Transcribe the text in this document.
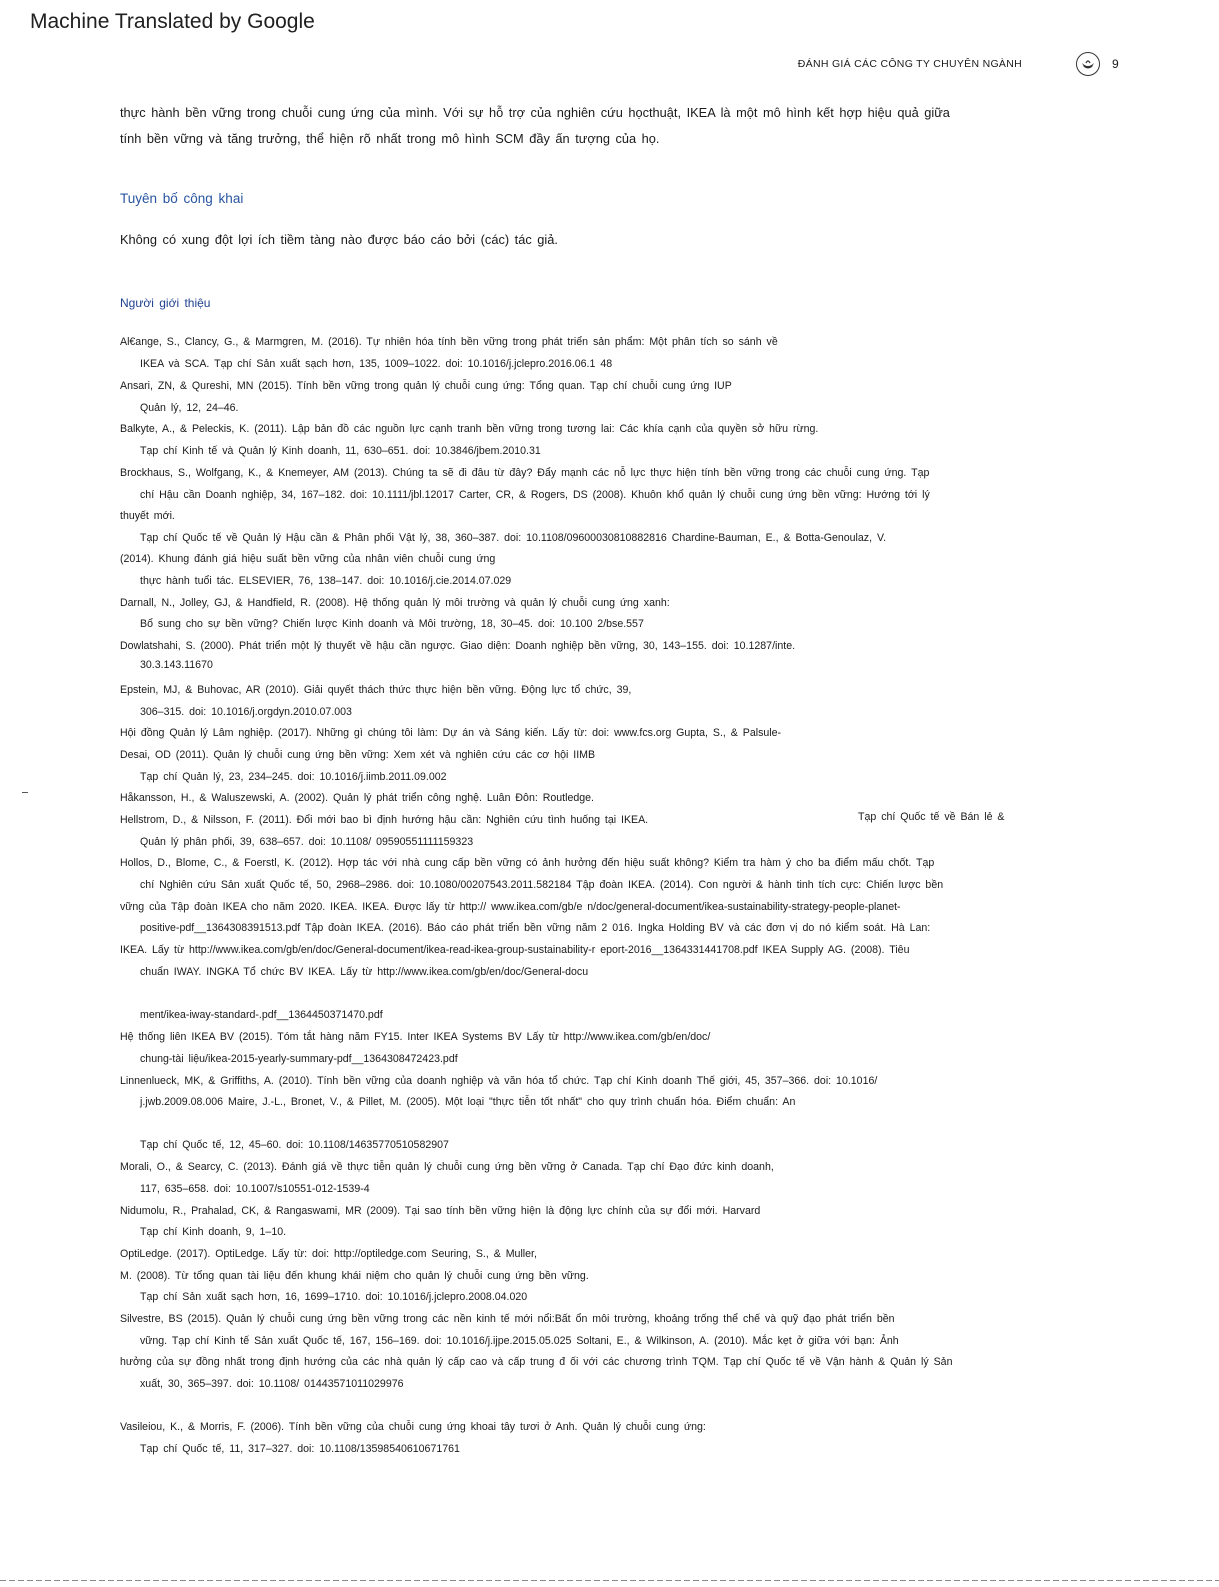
Machine Translated by Google
ĐÁNH GIÁ CÁC CÔNG TY CHUYÊN NGÀNH	9
thực hành bền vững trong chuỗi cung ứng của mình. Với sự hỗ trợ của nghiên cứu họcthuật, IKEA là một mô hình kết hợp hiệu quả giữa
tính bền vững và tăng trưởng, thể hiện rõ nhất trong mô hình SCM đầy ấn tượng của họ.
Tuyên bố công khai
Không có xung đột lợi ích tiềm tàng nào được báo cáo bởi (các) tác giả.
Người giới thiệu
Al€ange, S., Clancy, G., & Marmgren, M. (2016). Tự nhiên hóa tính bền vững trong phát triển sản phẩm: Một phân tích so sánh về
IKEA và SCA. Tạp chí Sản xuất sạch hơn, 135, 1009–1022. doi: 10.1016/j.jclepro.2016.06.1 48
Ansari, ZN, & Qureshi, MN (2015). Tính bền vững trong quản lý chuỗi cung ứng: Tổng quan. Tạp chí chuỗi cung ứng IUP
Quản lý, 12, 24–46.
Balkyte, A., & Peleckis, K. (2011). Lập bản đồ các nguồn lực cạnh tranh bền vững trong tương lai: Các khía cạnh của quyền sở hữu rừng.
Tạp chí Kinh tế và Quản lý Kinh doanh, 11, 630–651. doi: 10.3846/jbem.2010.31
Brockhaus, S., Wolfgang, K., & Knemeyer, AM (2013). Chúng ta sẽ đi đâu từ đây? Đẩy mạnh các nỗ lực thực hiện tính bền vững trong các chuỗi cung ứng. Tạp
chí Hậu cần Doanh nghiệp, 34, 167–182. doi: 10.1111/jbl.12017 Carter, CR, & Rogers, DS (2008). Khuôn khổ quản lý chuỗi cung ứng bền vững: Hướng tới lý
thuyết mới.
Tạp chí Quốc tế về Quản lý Hậu cần & Phân phối Vật lý, 38, 360–387. doi: 10.1108/09600030810882816 Chardine-Bauman, E., & Botta-Genoulaz, V.
(2014). Khung đánh giá hiệu suất bền vững của nhân viên chuỗi cung ứng
thực hành tuổi tác. ELSEVIER, 76, 138–147. doi: 10.1016/j.cie.2014.07.029
Darnall, N., Jolley, GJ, & Handfield, R. (2008). Hệ thống quản lý môi trường và quản lý chuỗi cung ứng xanh:
Bổ sung cho sự bền vững? Chiến lược Kinh doanh và Môi trường, 18, 30–45. doi: 10.100 2/bse.557
Dowlatshahi, S. (2000). Phát triển một lý thuyết về hậu cần ngược. Giao diện: Doanh nghiệp bền vững, 30, 143–155. doi: 10.1287/inte.
30.3.143.11670
Epstein, MJ, & Buhovac, AR (2010). Giải quyết thách thức thực hiện bền vững. Động lực tổ chức, 39,
306–315. doi: 10.1016/j.orgdyn.2010.07.003
Hội đồng Quản lý Lâm nghiệp. (2017). Những gì chúng tôi làm: Dự án và Sáng kiến. Lấy từ: doi: www.fcs.org Gupta, S., & Palsule-
Desai, OD (2011). Quản lý chuỗi cung ứng bền vững: Xem xét và nghiên cứu các cơ hội IIMB
Tạp chí Quản lý, 23, 234–245. doi: 10.1016/j.iimb.2011.09.002
Håkansson, H., & Waluszewski, A. (2002). Quản lý phát triển công nghệ. Luân Đôn: Routledge.
Hellstrom, D., & Nilsson, F. (2011). Đổi mới bao bì định hướng hậu cần: Nghiên cứu tình huống tại IKEA.	Tạp chí Quốc tế về Bán lẻ &
Quản lý phân phối, 39, 638–657. doi: 10.1108/ 09590551111159323
Hollos, D., Blome, C., & Foerstl, K. (2012). Hợp tác với nhà cung cấp bền vững có ảnh hưởng đến hiệu suất không? Kiểm tra hàm ý cho ba điểm mấu chốt. Tạp
chí Nghiên cứu Sản xuất Quốc tế, 50, 2968–2986. doi: 10.1080/00207543.2011.582184 Tập đoàn IKEA. (2014). Con người & hành tinh tích cực: Chiến lược bền
vững của Tập đoàn IKEA cho năm 2020. IKEA. IKEA. Được lấy từ http:// www.ikea.com/gb/e n/doc/general-document/ikea-sustainability-strategy-people-planet-
positive-pdf__1364308391513.pdf Tập đoàn IKEA. (2016). Báo cáo phát triển bền vững năm 2 016. Ingka Holding BV và các đơn vị do nó kiểm soát. Hà Lan:
IKEA. Lấy từ http://www.ikea.com/gb/en/doc/General-document/ikea-read-ikea-group-sustainability-r eport-2016__1364331441708.pdf IKEA Supply AG. (2008). Tiêu
chuẩn IWAY. INGKA Tổ chức BV IKEA. Lấy từ http://www.ikea.com/gb/en/doc/General-docu
ment/ikea-iway-standard-.pdf__1364450371470.pdf
Hệ thống liên IKEA BV (2015). Tóm tắt hàng năm FY15. Inter IKEA Systems BV Lấy từ http://www.ikea.com/gb/en/doc/
chung-tài liệu/ikea-2015-yearly-summary-pdf__1364308472423.pdf
Linnenlueck, MK, & Griffiths, A. (2010). Tính bền vững của doanh nghiệp và văn hóa tổ chức. Tạp chí Kinh doanh Thế giới, 45, 357–366. doi: 10.1016/
j.jwb.2009.08.006 Maire, J.-L., Bronet, V., & Pillet, M. (2005). Một loại "thực tiễn tốt nhất" cho quy trình chuẩn hóa. Điểm chuẩn: An
Tạp chí Quốc tế, 12, 45–60. doi: 10.1108/14635770510582907
Morali, O., & Searcy, C. (2013). Đánh giá về thực tiễn quản lý chuỗi cung ứng bền vững ở Canada. Tạp chí Đạo đức kinh doanh,
117, 635–658. doi: 10.1007/s10551-012-1539-4
Nidumolu, R., Prahalad, CK, & Rangaswami, MR (2009). Tại sao tính bền vững hiện là động lực chính của sự đổi mới. Harvard
Tạp chí Kinh doanh, 9, 1–10.
OptiLedge. (2017). OptiLedge. Lấy từ: doi: http://optiledge.com Seuring, S., & Muller,
M. (2008). Từ tổng quan tài liệu đến khung khái niệm cho quản lý chuỗi cung ứng bền vững.
Tạp chí Sản xuất sạch hơn, 16, 1699–1710. doi: 10.1016/j.jclepro.2008.04.020
Silvestre, BS (2015). Quản lý chuỗi cung ứng bền vững trong các nền kinh tế mới nổi:Bất ổn môi trường, khoảng trống thể chế và quỹ đạo phát triển bền
vững. Tạp chí Kinh tế Sản xuất Quốc tế, 167, 156–169. doi: 10.1016/j.ijpe.2015.05.025 Soltani, E., & Wilkinson, A. (2010). Mắc kẹt ở giữa với bạn: Ảnh
hưởng của sự đồng nhất trong định hướng của các nhà quản lý cấp cao và cấp trung đ ối với các chương trình TQM. Tạp chí Quốc tế về Vận hành & Quản lý Sản
xuất, 30, 365–397. doi: 10.1108/ 01443571011029976
Vasileiou, K., & Morris, F. (2006). Tính bền vững của chuỗi cung ứng khoai tây tươi ở Anh. Quản lý chuỗi cung ứng:
Tạp chí Quốc tế, 11, 317–327. doi: 10.1108/13598540610671761
